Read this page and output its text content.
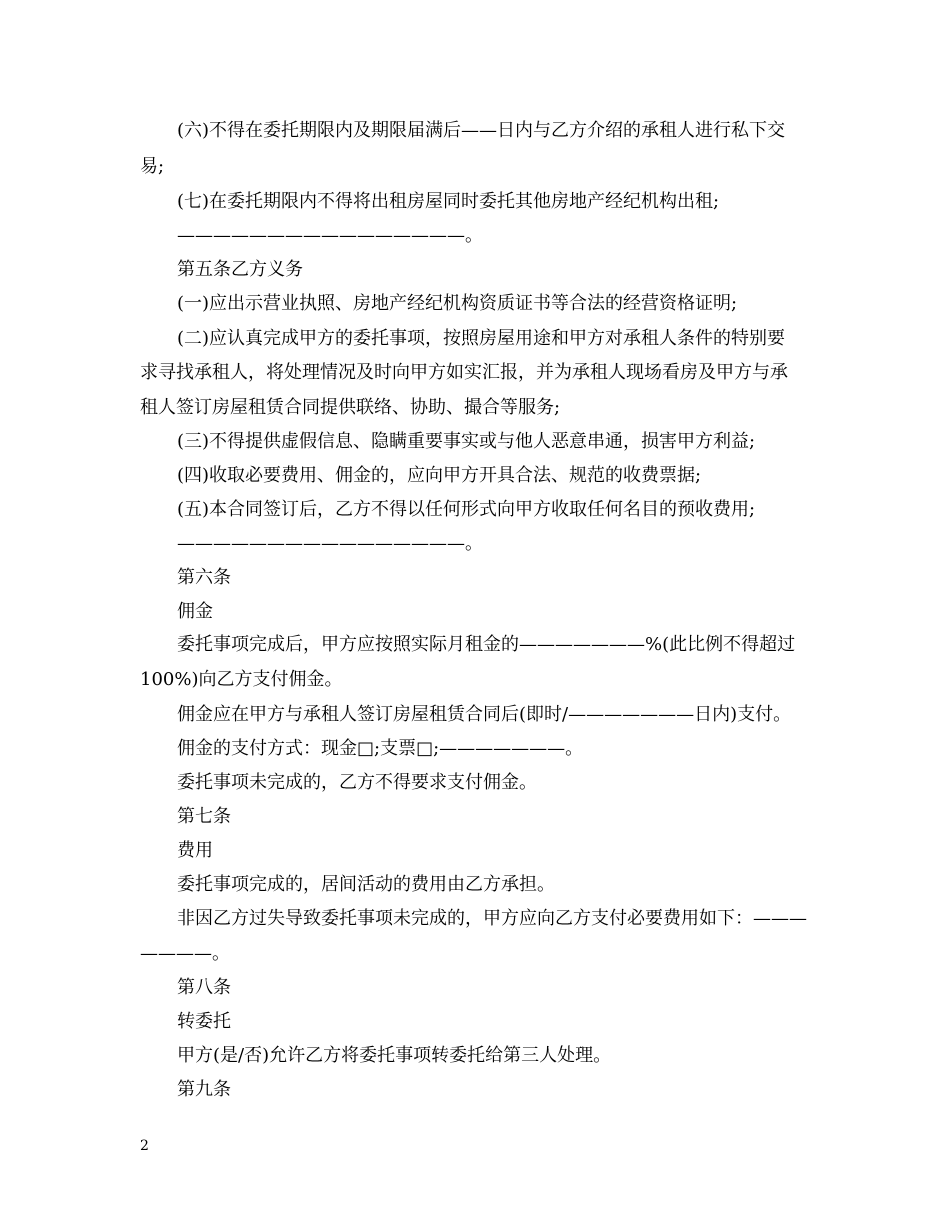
(六)不得在委托期限内及期限届满后——日内与乙方介绍的承租人进行私下交
易;
(七)在委托期限内不得将出租房屋同时委托其他房地产经纪机构出租;
————————————————。
第五条乙方义务
(一)应出示营业执照、房地产经纪机构资质证书等合法的经营资格证明;
(二)应认真完成甲方的委托事项，按照房屋用途和甲方对承租人条件的特别要
求寻找承租人，将处理情况及时向甲方如实汇报，并为承租人现场看房及甲方与承
租人签订房屋租赁合同提供联络、协助、撮合等服务;
(三)不得提供虚假信息、隐瞒重要事实或与他人恶意串通，损害甲方利益;
(四)收取必要费用、佣金的，应向甲方开具合法、规范的收费票据;
(五)本合同签订后，乙方不得以任何形式向甲方收取任何名目的预收费用;
————————————————。
第六条
佣金
委托事项完成后，甲方应按照实际月租金的———————%(此比例不得超过
100%)向乙方支付佣金。
佣金应在甲方与承租人签订房屋租赁合同后(即时/———————日内)支付。
佣金的支付方式：现金□;支票□;———————。
委托事项未完成的，乙方不得要求支付佣金。
第七条
费用
委托事项完成的，居间活动的费用由乙方承担。
非因乙方过失导致委托事项未完成的，甲方应向乙方支付必要费用如下：———
————。
第八条
转委托
甲方(是/否)允许乙方将委托事项转委托给第三人处理。
第九条
2
